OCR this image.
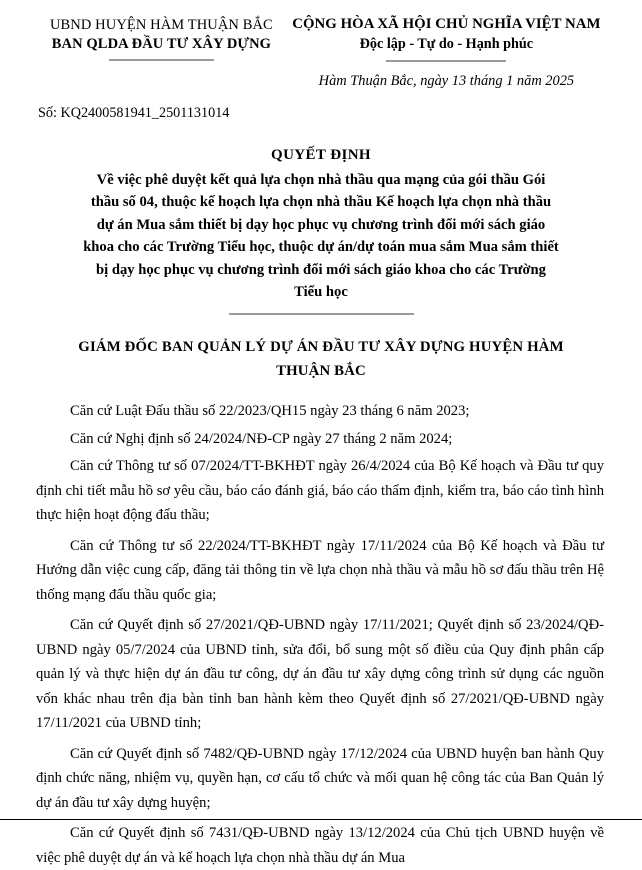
UBND HUYỆN HÀM THUẬN BẮC
BAN QLDA ĐẦU TƯ XÂY DỰNG
CỘNG HÒA XÃ HỘI CHỦ NGHĨA VIỆT NAM
Độc lập - Tự do - Hạnh phúc
Hàm Thuận Bắc, ngày 13 tháng 1 năm 2025
Số: KQ2400581941_2501131014
QUYẾT ĐỊNH
Về việc phê duyệt kết quả lựa chọn nhà thầu qua mạng của gói thầu Gói thầu số 04, thuộc kế hoạch lựa chọn nhà thầu Kế hoạch lựa chọn nhà thầu dự án Mua sắm thiết bị dạy học phục vụ chương trình đổi mới sách giáo khoa cho các Trường Tiểu học, thuộc dự án/dự toán mua sắm Mua sắm thiết bị dạy học phục vụ chương trình đổi mới sách giáo khoa cho các Trường Tiểu học
GIÁM ĐỐC BAN QUẢN LÝ DỰ ÁN ĐẦU TƯ XÂY DỰNG HUYỆN HÀM THUẬN BẮC

Căn cứ Luật Đấu thầu số 22/2023/QH15 ngày 23 tháng 6 năm 2023;

Căn cứ Nghị định số 24/2024/NĐ-CP ngày 27 tháng 2 năm 2024;

Căn cứ Thông tư số 07/2024/TT-BKHĐT ngày 26/4/2024 của Bộ Kế hoạch và Đầu tư quy định chi tiết mẫu hồ sơ yêu cầu, báo cáo đánh giá, báo cáo thẩm định, kiểm tra, báo cáo tình hình thực hiện hoạt động đấu thầu;

Căn cứ Thông tư số 22/2024/TT-BKHĐT ngày 17/11/2024 của Bộ Kế hoạch và Đầu tư Hướng dẫn việc cung cấp, đăng tải thông tin về lựa chọn nhà thầu và mẫu hồ sơ đấu thầu trên Hệ thống mạng đấu thầu quốc gia;

Căn cứ Quyết định số 27/2021/QĐ-UBND ngày 17/11/2021; Quyết định số 23/2024/QĐ-UBND ngày 05/7/2024 của UBND tỉnh, sửa đổi, bổ sung một số điều của Quy định phân cấp quản lý và thực hiện dự án đầu tư công, dự án đầu tư xây dựng công trình sử dụng các nguồn vốn khác nhau trên địa bàn tỉnh ban hành kèm theo Quyết định số 27/2021/QĐ-UBND ngày 17/11/2021 của UBND tỉnh;

Căn cứ Quyết định số 7482/QĐ-UBND ngày 17/12/2024 của UBND huyện ban hành Quy định chức năng, nhiệm vụ, quyền hạn, cơ cấu tổ chức và mối quan hệ công tác của Ban Quản lý dự án đầu tư xây dựng huyện;

Căn cứ Quyết định số 7431/QĐ-UBND ngày 13/12/2024 của Chủ tịch UBND huyện về việc phê duyệt dự án và kế hoạch lựa chọn nhà thầu dự án Mua
